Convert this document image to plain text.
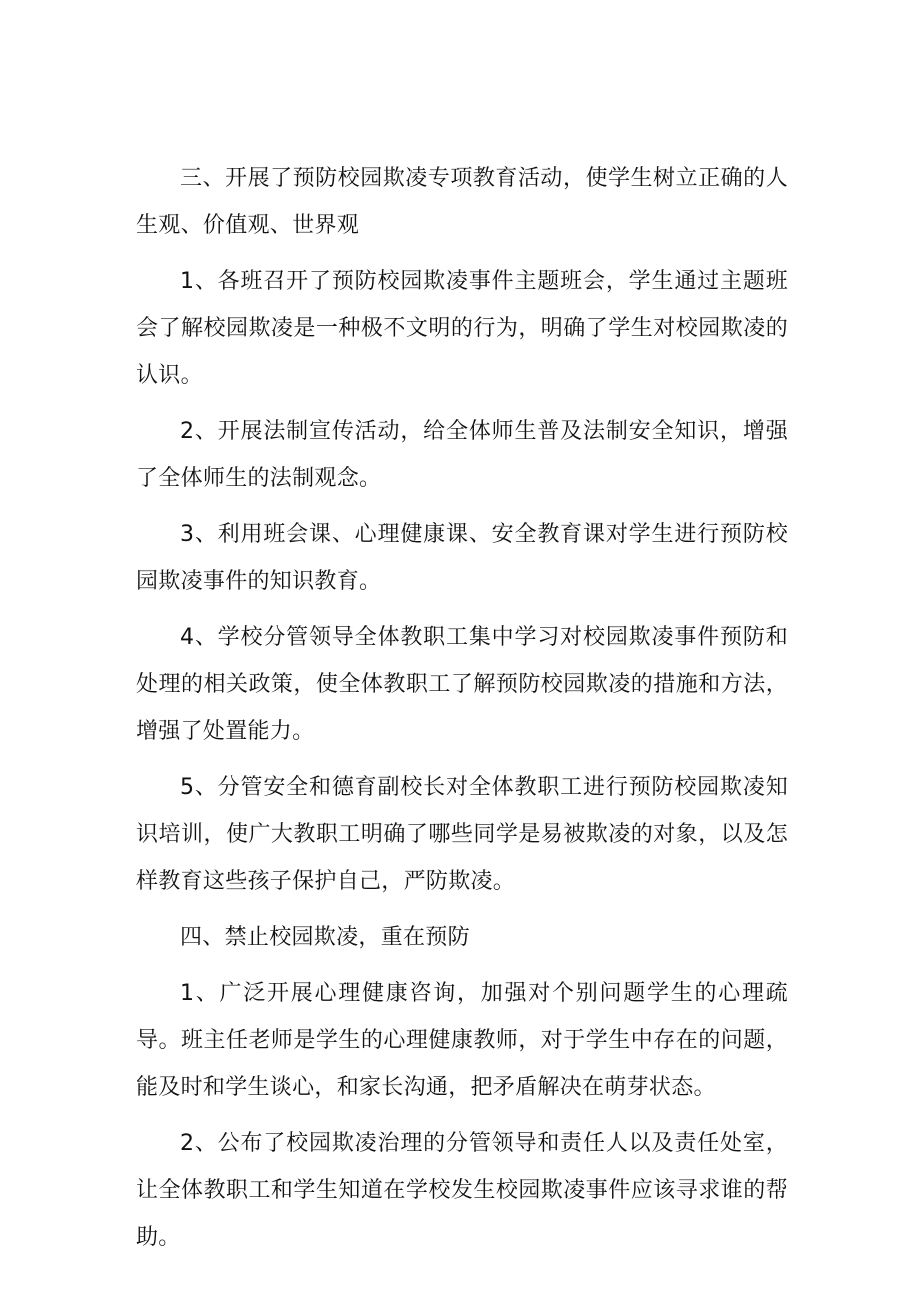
三、开展了预防校园欺凌专项教育活动，使学生树立正确的人生观、价值观、世界观

1、各班召开了预防校园欺凌事件主题班会，学生通过主题班会了解校园欺凌是一种极不文明的行为，明确了学生对校园欺凌的认识。

2、开展法制宣传活动，给全体师生普及法制安全知识，增强了全体师生的法制观念。

3、利用班会课、心理健康课、安全教育课对学生进行预防校园欺凌事件的知识教育。

4、学校分管领导全体教职工集中学习对校园欺凌事件预防和处理的相关政策，使全体教职工了解预防校园欺凌的措施和方法，增强了处置能力。

5、分管安全和德育副校长对全体教职工进行预防校园欺凌知识培训，使广大教职工明确了哪些同学是易被欺凌的对象，以及怎样教育这些孩子保护自己，严防欺凌。

四、禁止校园欺凌，重在预防

1、广泛开展心理健康咨询，加强对个别问题学生的心理疏导。班主任老师是学生的心理健康教师，对于学生中存在的问题，能及时和学生谈心，和家长沟通，把矛盾解决在萌芽状态。

2、公布了校园欺凌治理的分管领导和责任人以及责任处室，让全体教职工和学生知道在学校发生校园欺凌事件应该寻求谁的帮助。
